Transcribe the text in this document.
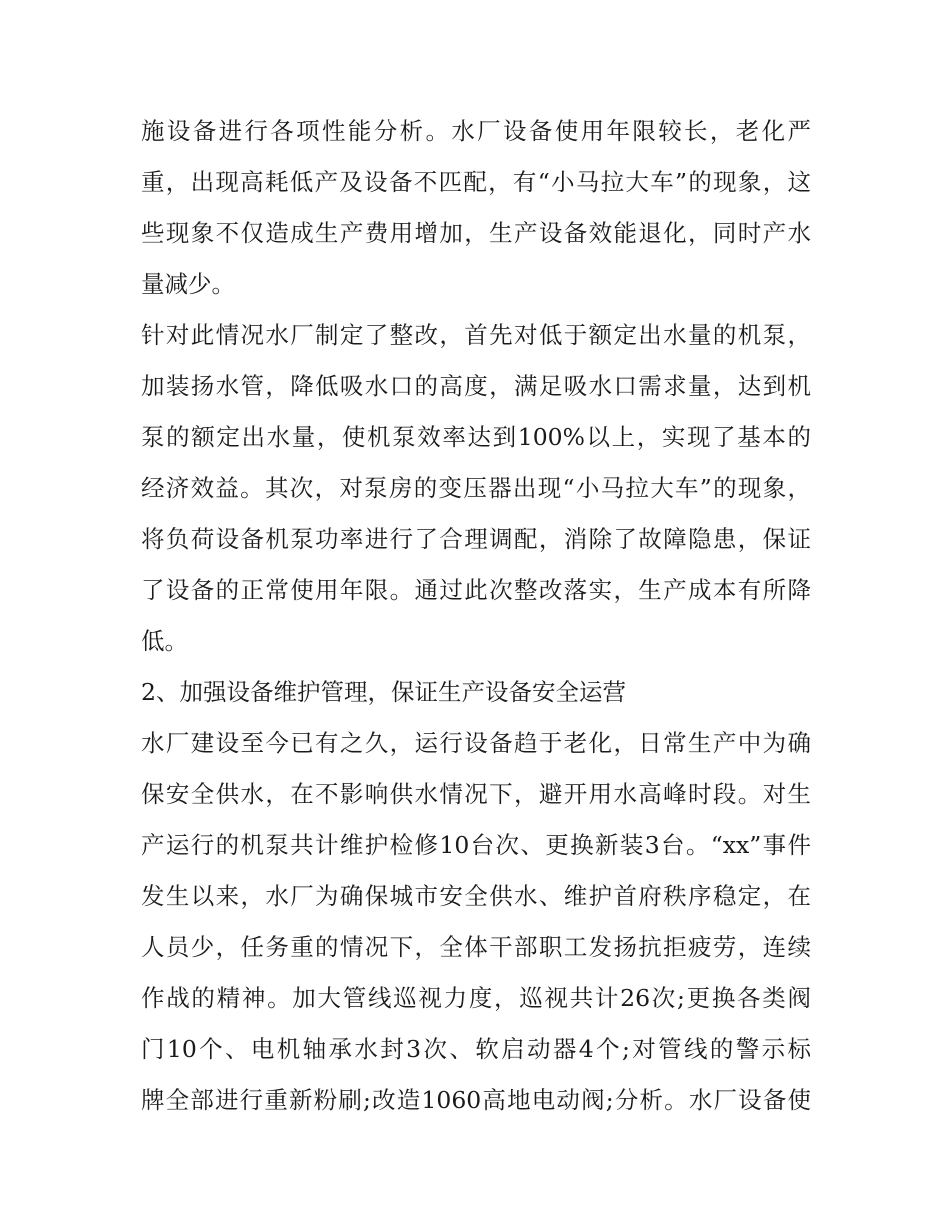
施设备进行各项性能分析。水厂设备使用年限较长，老化严
重，出现高耗低产及设备不匹配，有“小马拉大车”的现象，这
些现象不仅造成生产费用增加，生产设备效能退化，同时产水
量减少。
针对此情况水厂制定了整改，首先对低于额定出水量的机泵，
加装扬水管，降低吸水口的高度，满足吸水口需求量，达到机
泵的额定出水量，使机泵效率达到100%以上，实现了基本的
经济效益。其次，对泵房的变压器出现“小马拉大车”的现象，
将负荷设备机泵功率进行了合理调配，消除了故障隐患，保证
了设备的正常使用年限。通过此次整改落实，生产成本有所降
低。
2、加强设备维护管理，保证生产设备安全运营
水厂建设至今已有之久，运行设备趋于老化，日常生产中为确
保安全供水，在不影响供水情况下，避开用水高峰时段。对生
产运行的机泵共计维护检修10台次、更换新装3台。“xx”事件
发生以来，水厂为确保城市安全供水、维护首府秩序稳定，在
人员少，任务重的情况下，全体干部职工发扬抗拒疲劳，连续
作战的精神。加大管线巡视力度，巡视共计26次;更换各类阀
门10个、电机轴承水封3次、软启动器4个;对管线的警示标
牌全部进行重新粉刷;改造1060高地电动阀;分析。水厂设备使
